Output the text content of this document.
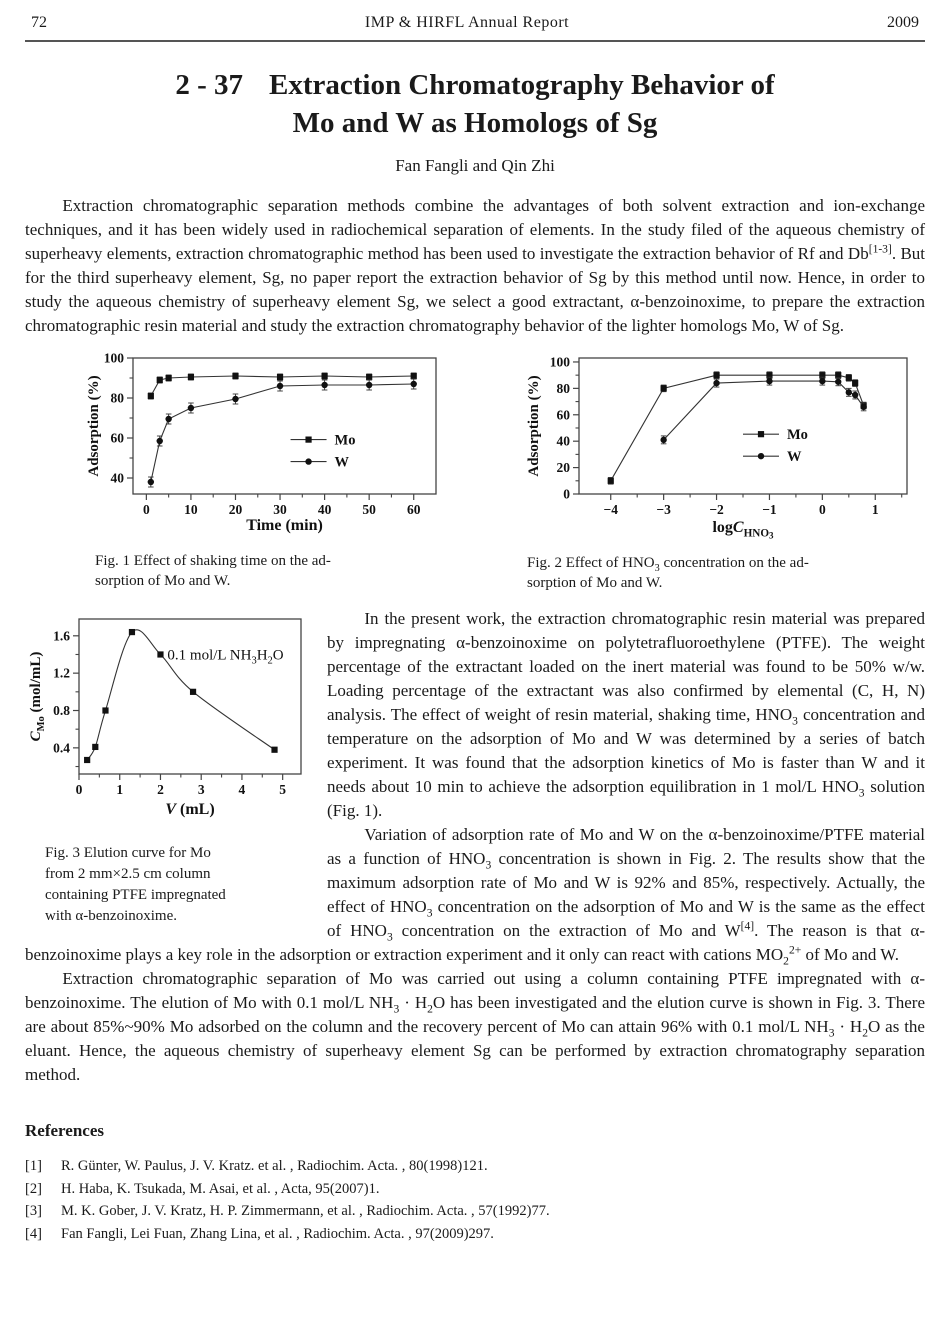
72	IMP & HIRFL Annual Report	2009
2 - 37 Extraction Chromatography Behavior of
Mo and W as Homologs of Sg
Fan Fangli and Qin Zhi

Extraction chromatographic separation methods combine the advantages of both solvent extraction and ion-exchange techniques, and it has been widely used in radiochemical separation of elements. In the study filed of the aqueous chemistry of superheavy elements, extraction chromatographic method has been used to investigate the extraction behavior of Rf and Db[1-3]. But for the third superheavy element, Sg, no paper report the extraction behavior of Sg by this method until now. Hence, in order to study the aqueous chemistry of superheavy element Sg, we select a good extractant, α-benzoinoxime, to prepare the extraction chromatographic resin material and study the extraction chromatography behavior of the lighter homologs Mo, W of Sg.

0	10 20 30 40 50 60
40
60
80
100
Time (min)
Adsorption (%)	Mo
W
Fig. 1 Effect of shaking time on the ad-
sorption of Mo and W.
−4	−3	−2	−1	0	1
0
20
40
60
80
100
logC$_{HNO}$3
Adsorption (%)	Mo
W
Fig. 2 Effect of $HNO_3$ concentration on the ad-
sorption of Mo and W.
0	1	2	3	4	5
0.4
0.8
1.2
1.6
V (mL)
$C_{Mo}$ (mol/mL)	0.1 mol/L $NH_3H_2O$
Fig. 3 Elution curve for Mo
from 2 mm×2.5 cm column
containing PTFE impregnated
with α-benzoinoxime.

In the present work, the extraction chromatographic resin material was prepared by impregnating α-benzoinoxime on polytetrafluoroethylene (PTFE). The weight percentage of the extractant loaded on the inert material was found to be 50% w/w. Loading percentage of the extractant was also confirmed by elemental (C, H, N) analysis. The effect of weight of resin material, shaking time, $HNO_3$ concentration and temperature on the adsorption of Mo and W was determined by a series of batch experiment. It was found that the adsorption kinetics of Mo is faster than W and it needs about 10 min to achieve the adsorption equilibration in 1 mol/L $HNO_3$ solution (Fig. 1).

Variation of adsorption rate of Mo and W on the α-benzoinoxime/PTFE material as a function of $HNO_3$ concentration is shown in Fig. 2. The results show that the maximum adsorption rate of Mo and W is 92% and 85%, respectively. Actually, the effect of $HNO_3$ concentration on the adsorption of Mo and W is the same as the effect of $HNO_3$ concentration on the extraction of Mo and W[4]. The reason is that α-benzoinoxime plays a key role in the adsorption or extraction experiment and it only can react with cations $MO_2^{2+}$ of Mo and W.

Extraction chromatographic separation of Mo was carried out using a column containing PTFE impregnated with α-benzoinoxime. The elution of Mo with 0.1 mol/L $NH_3 \cdot H_2O$ has been investigated and the elution curve is shown in Fig. 3. There are about 85%~90% Mo adsorbed on the column and the recovery percent of Mo can attain 96% with 0.1 mol/L $NH_3 \cdot H_2O$ as the eluant. Hence, the aqueous chemistry of superheavy element Sg can be performed by extraction chromatography separation method.

References
[1]	R. Günter, W. Paulus, J. V. Kratz. et al. , Radiochim. Acta. , 80(1998)121.
[2]	H. Haba, K. Tsukada, M. Asai, et al. , Acta, 95(2007)1.
[3]	M. K. Gober, J. V. Kratz, H. P. Zimmermann, et al. , Radiochim. Acta. , 57(1992)77.
[4]	Fan Fangli, Lei Fuan, Zhang Lina, et al. , Radiochim. Acta. , 97(2009)297.
